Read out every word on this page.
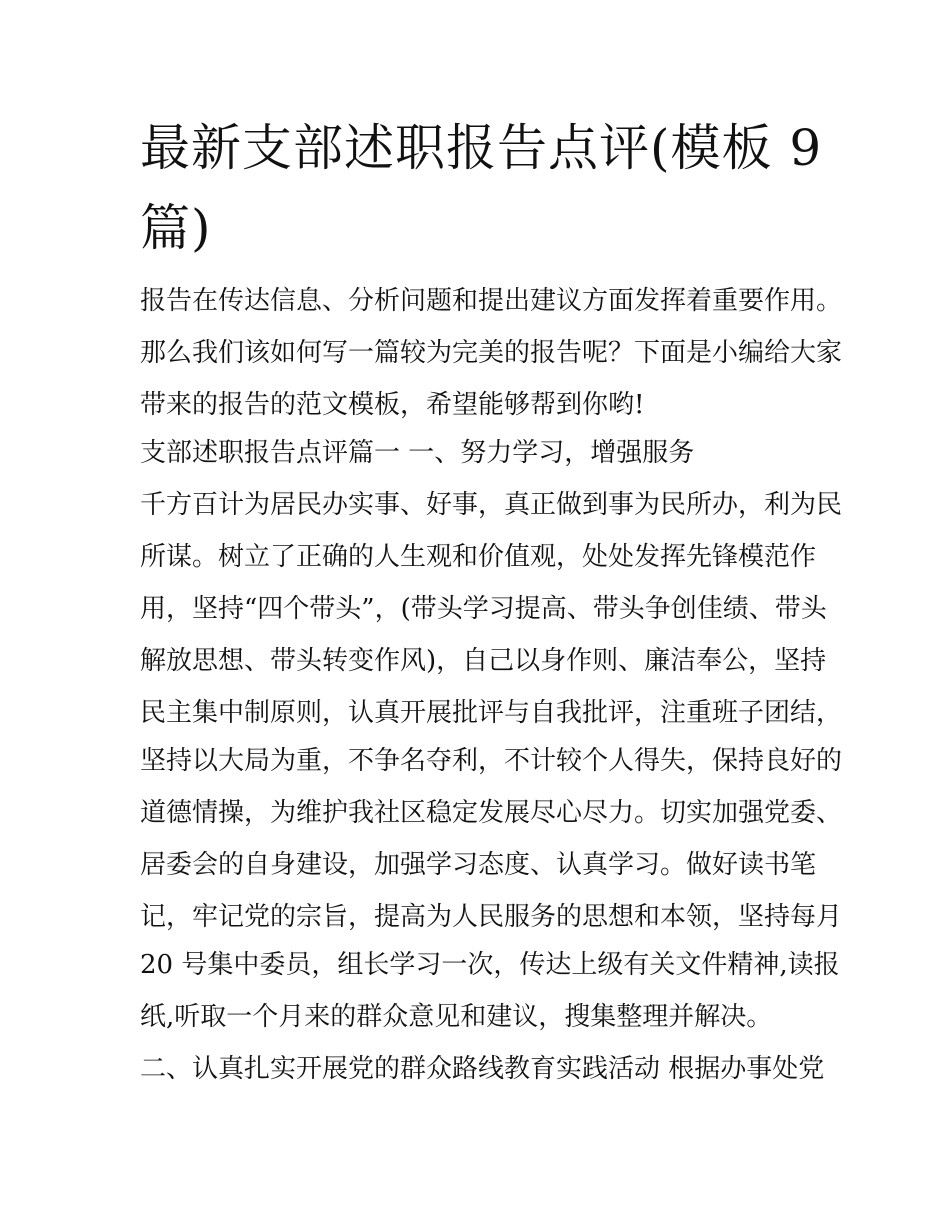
最新支部述职报告点评(模板 9
篇)

报告在传达信息、分析问题和提出建议方面发挥着重要作用。

那么我们该如何写一篇较为完美的报告呢？下面是小编给大家

带来的报告的范文模板，希望能够帮到你哟!

支部述职报告点评篇一 一、努力学习，增强服务

千方百计为居民办实事、好事，真正做到事为民所办，利为民

所谋。树立了正确的人生观和价值观，处处发挥先锋模范作

用，坚持“四个带头”，(带头学习提高、带头争创佳绩、带头

解放思想、带头转变作风)，自己以身作则、廉洁奉公，坚持

民主集中制原则，认真开展批评与自我批评，注重班子团结，

坚持以大局为重，不争名夺利，不计较个人得失，保持良好的

道德情操，为维护我社区稳定发展尽心尽力。切实加强党委、

居委会的自身建设，加强学习态度、认真学习。做好读书笔

记，牢记党的宗旨，提高为人民服务的思想和本领，坚持每月

20 号集中委员，组长学习一次，传达上级有关文件精神,读报

纸,听取一个月来的群众意见和建议，搜集整理并解决。

二、认真扎实开展党的群众路线教育实践活动 根据办事处党
